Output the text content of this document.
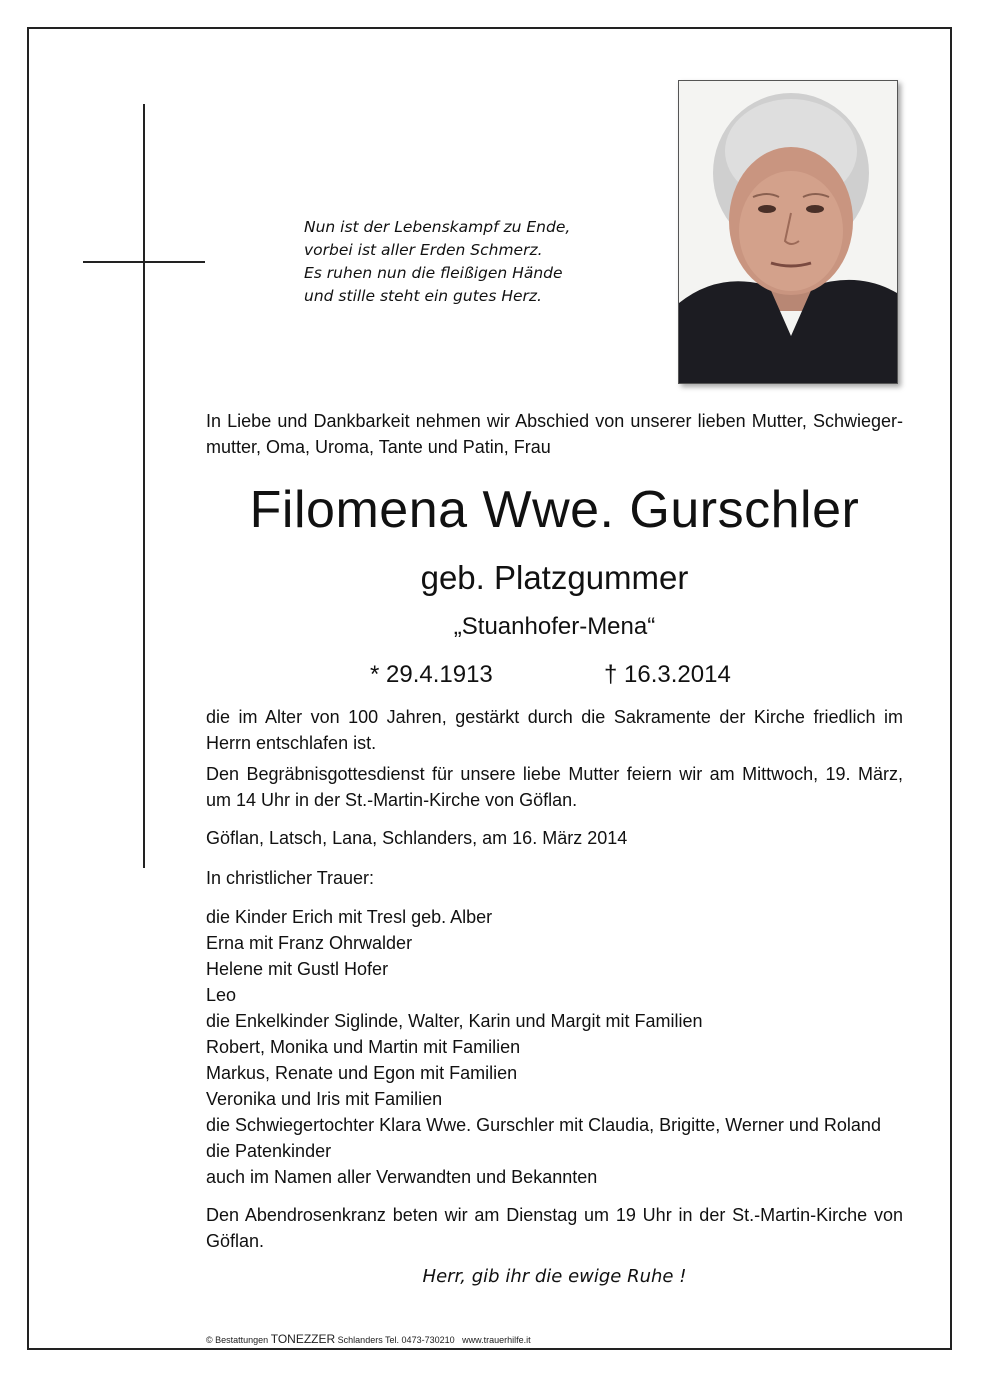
Nun ist der Lebenskampf zu Ende,
vorbei ist aller Erden Schmerz.
Es ruhen nun die fleißigen Hände
und stille steht ein gutes Herz.
In Liebe und Dankbarkeit nehmen wir Abschied von unserer lieben Mutter, Schwieger-mutter, Oma, Uroma, Tante und Patin, Frau
Filomena Wwe. Gurschler
geb. Platzgummer
„Stuanhofer-Mena“
* 29.4.1913	† 16.3.2014
die im Alter von 100 Jahren, gestärkt durch die Sakramente der Kirche friedlich im Herrn entschlafen ist.
Den Begräbnisgottesdienst für unsere liebe Mutter feiern wir am Mittwoch, 19. März, um 14 Uhr in der St.-Martin-Kirche von Göflan.
Göflan, Latsch, Lana, Schlanders, am 16. März 2014
In christlicher Trauer:
die Kinder Erich mit Tresl geb. Alber
Erna mit Franz Ohrwalder
Helene mit Gustl Hofer
Leo
die Enkelkinder Siglinde, Walter, Karin und Margit mit Familien
Robert, Monika und Martin mit Familien
Markus, Renate und Egon mit Familien
Veronika und Iris mit Familien
die Schwiegertochter Klara Wwe. Gurschler mit Claudia, Brigitte, Werner und Roland
die Patenkinder
auch im Namen aller Verwandten und Bekannten
Den Abendrosenkranz beten wir am Dienstag um 19 Uhr in der St.-Martin-Kirche von Göflan.
Herr, gib ihr die ewige Ruhe !
© Bestattungen TONEZZER Schlanders Tel. 0473-730210 www.trauerhilfe.it
